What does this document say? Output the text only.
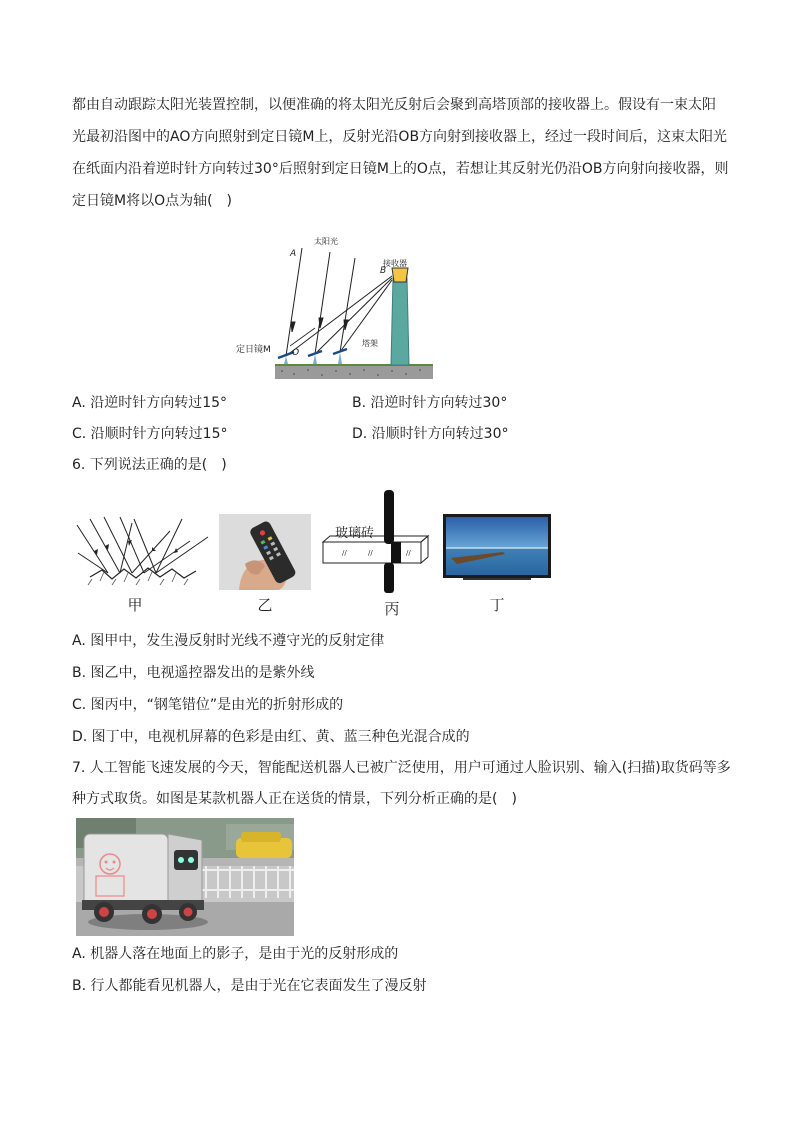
都由自动跟踪太阳光装置控制，以便准确的将太阳光反射后会聚到高塔顶部的接收器上。假设有一束太阳
光最初沿图中的AO方向照射到定日镜M上，反射光沿OB方向射到接收器上，经过一段时间后，这束太阳光
在纸面内沿着逆时针方向转过30°后照射到定日镜M上的O点，若想让其反射光仍沿OB方向射向接收器，则
定日镜M将以O点为轴(　)
太阳光
接收器
塔架
定日镜M
A
B
O
A. 沿逆时针方向转过15°	B. 沿逆时针方向转过30°
C. 沿顺时针方向转过15°	D. 沿顺时针方向转过30°
6. 下列说法正确的是(　)
甲	乙
//	//	//
玻璃砖
丙	丁
A. 图甲中，发生漫反射时光线不遵守光的反射定律
B. 图乙中，电视遥控器发出的是紫外线
C. 图丙中，“钢笔错位”是由光的折射形成的
D. 图丁中，电视机屏幕的色彩是由红、黄、蓝三种色光混合成的
7. 人工智能飞速发展的今天，智能配送机器人已被广泛使用，用户可通过人脸识别、输入(扫描)取货码等多
种方式取货。如图是某款机器人正在送货的情景，下列分析正确的是(　)
A. 机器人落在地面上的影子，是由于光的反射形成的
B. 行人都能看见机器人，是由于光在它表面发生了漫反射
